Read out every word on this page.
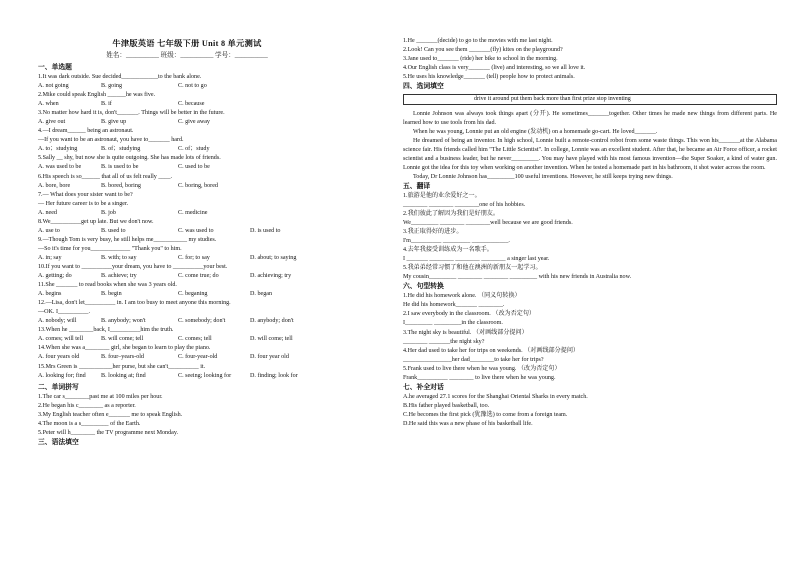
牛津版英语 七年级下册 Unit 8 单元测试
姓名：__________ 班级：__________ 学号：__________
一、单选题
1.It was dark outside. Sue decided____________to the bank alone.
A. not going	B. going	C. not to go
2.Mike could speak English ______he was five.
A. when	B. if	C. because
3.No matter how hard it is, don't_______. Things will be better in the future.
A. give out	B. give up	C. give away
4.—I dream______ being an astronaut.
—If you want to be an astronaut, you have to_______ hard.
A. to；studying	B. of；studying	C. of；study
5.Sally __ shy, but now she is quite outgoing. She has made lots of friends.
A. was used to be	B. is used to be	C. used to be
6.His speech is so______ that all of us felt really ____.
A. bore, bore	B. bored, boring	C. boring, bored
7.— What does your sister want to be?
— Her future career is to be a singer.
A. need	B. job	C. medicine
8.We__________get up late. But we don't now.
A. use to	B. used to	C. was used to	D. is used to
9.—Though Tom is very busy, he still helps me___________ my studies.
—So it's time for you_____________ "Thank you" to him.
A. in; say	B. with; to say	C. for; to say	D. about; to saying
10.If you want to __________your dream, you have to __________your best.
A. getting; do	B. achieve; try	C. come true; do	D. achieving; try
11.She _______ to read books when she was 3 years old.
A. begins	B. begin	C. beganing	D. began
12.—Lisa, don't let__________ in. I am too busy to meet anyone this morning.
—OK. I__________.
A. nobody; will	B. anybody; won't	C. somebody; don't	D. anybody; don't
13.When he ________back, I__________him the truth.
A. comes; will tell	B. will come; tell	C. comes; tell	D. will come; tell
14.When she was a________ girl, she began to learn to play the piano.
A. four years old	B. four–years-old	C. four-year-old	D. four year old
15.Mrs Green is ___________her purse, but she can't__________ it.
A. looking for; find	B. looking at; find	C. seeing; looking for	D. finding; look for
二、单词拼写
1.The car s________past me at 100 miles per hour.
2.He began his c________ as a reporter.
3.My English teacher often e_______ me to speak English.
4.The moon is a s_________ of the Earth.
5.Peter will h________ the TV programme next Monday.
三、语法填空
1.He _______(decide) to go to the movies with me last night.
2.Look! Can you see them _______(fly) kites on the playground?
3.Jane used to_______ (ride) her bike to school in the morning.
4.Our English class is very_______ (live) and interesting, so we all love it.
5.He uses his knowledge_______ (tell) people how to protect animals.
四、选词填空
drive it around put them back more than first prize stop inventing
Lonnie Johnson was always took things apart (分开). He sometimes_______together. Other times he made new things from different parts. He learned how to use tools from his dad.
When he was young, Lonnie put an old engine (发动机) on a homemade go-cart. He loved_______.
He dreamed of being an inventor. In high school, Lonnie built a remote-control robot from some waste things. This won his_______at the Alabama science fair. His friends called him "The Little Scientist". In college, Lonnie was an excellent student. After that, he became an Air Force officer, a rocket scientist and a business leader, but he never_________. You may have played with his most famous invention—the Super Soaker, a kind of water gun. Lonnie got the idea for this toy when working on another invention. When he tested a homemade part in his bathroom, it shot water across the room.
Today, Dr Lonnie Johnson has_________100 useful inventions. However, he still keeps trying new things.
五、翻译
1.旅游是他的业余爱好之一。
________ ________ ________one of his hobbies.
2.我们彼此了解因为我们是好朋友。
We_________ ________ ________well because we are good friends.
3.我正取得好的进步。
I'm__________ _________ ____________.
4.去年我接受训练成为一名歌手。
I _______ ________ ________ ________ a singer last year.
5.我弟弟经常习惯了和他在澳洲的新朋友一起学习。
My cousin_________ ________ ________ _________ with his new friends in Australia now.
六、句型转换
1.He did his homework alone. （同义句转换）
He did his homework_______ ________.
2.I saw everybody in the classroom. （改为否定句）
I_________ _________in the classroom.
3.The night sky is beautiful. （对画线部分提问）
________ _______the night sky?
4.Her dad used to take her for trips on weekends. （对画线部分提问）
________________her dad________to take her for trips?
5.Frank used to live there when he was young. （改为否定句）
Frank__________ ________ to live there when he was young.
七、补全对话
A.he averaged 27.1 scores for the Shanghai Oriental Sharks in every match.
B.His father played basketball, too.
C.He becomes the first pick (犹豫选) to come from a foreign team.
D.He said this was a new phase of his basketball life.
